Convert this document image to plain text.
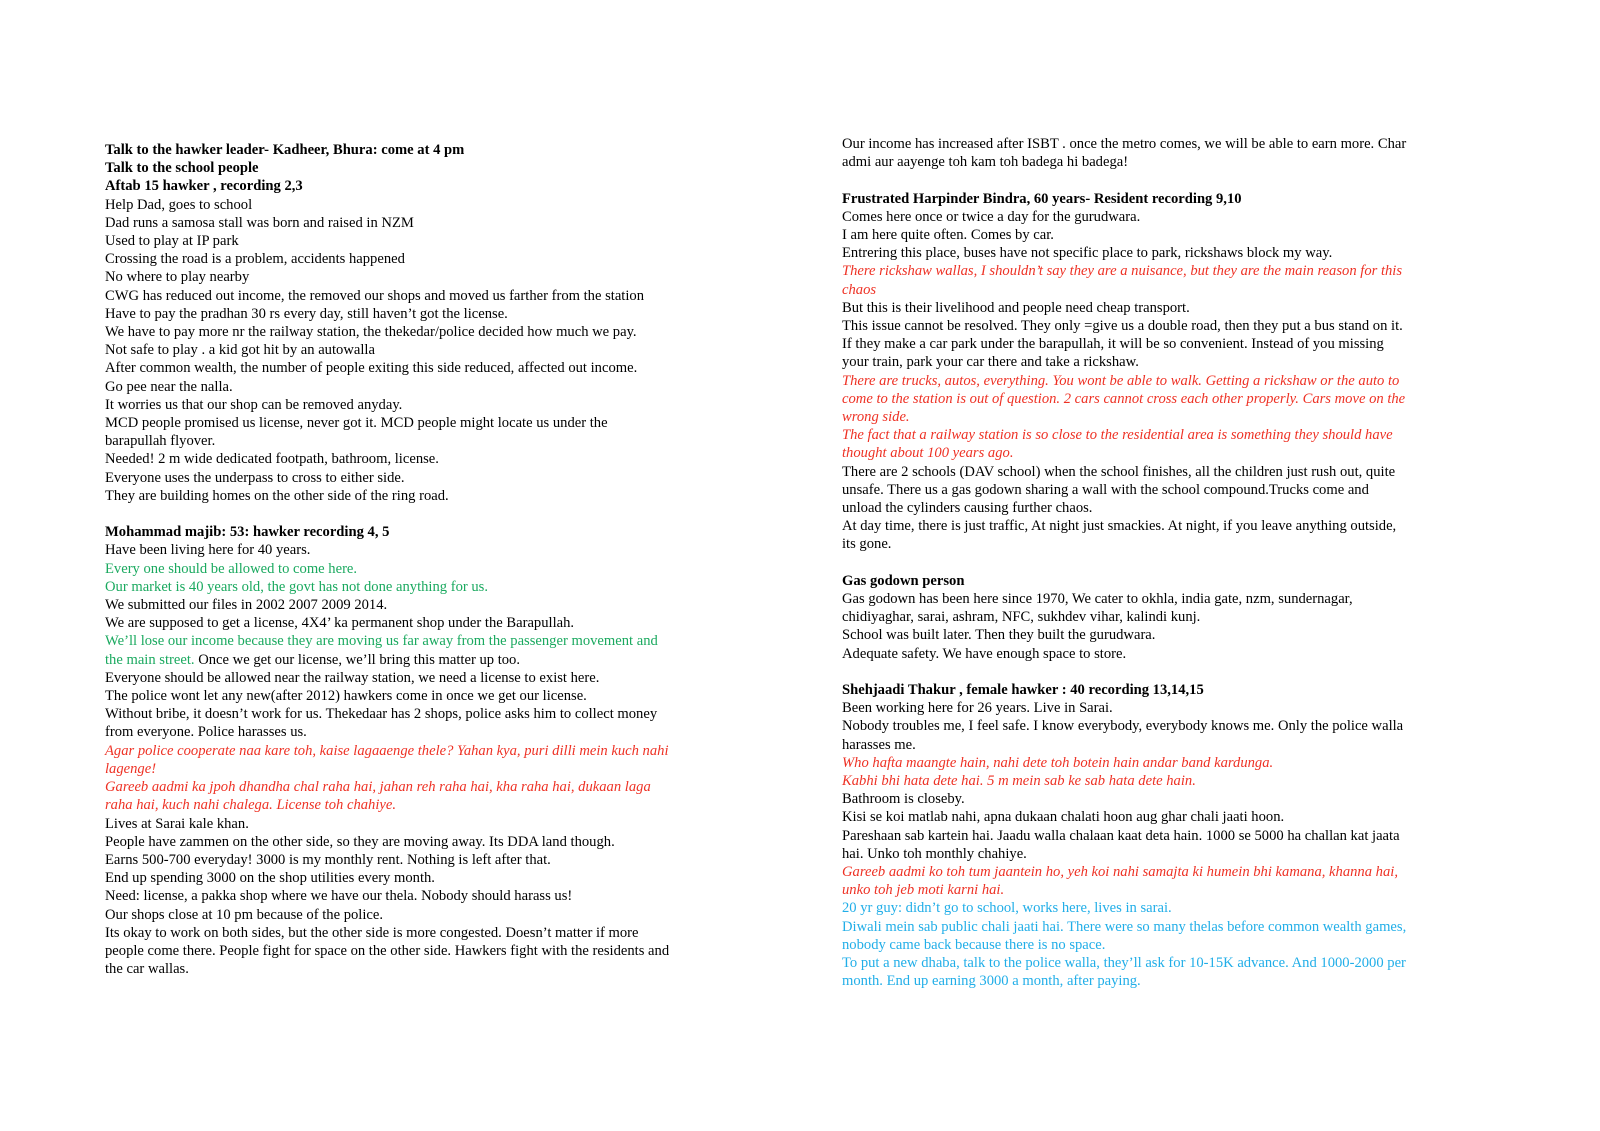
Talk to the hawker leader- Kadheer, Bhura: come at 4 pm
Talk to the school people
Aftab 15 hawker , recording 2,3
Help Dad, goes to school
Dad runs a samosa stall was born and raised in NZM
Used to play at IP park
Crossing the road is a problem, accidents happened
No where to play nearby
CWG has reduced out income, the removed our shops and moved us farther from the station
Have to pay the pradhan 30 rs every day, still haven’t got the license.
We have to pay more nr the railway station, the thekedar/police decided how much we pay.
Not safe to play . a kid got hit by an autowalla
After common wealth, the number of people exiting this side reduced, affected out income.
Go pee near the nalla.
It worries us that our shop can be removed anyday.
MCD people promised us license, never got it. MCD people might locate us under the
barapullah flyover.
Needed! 2 m wide dedicated footpath, bathroom, license.
Everyone uses the underpass to cross to either side.
They are building homes on the other side of the ring road.
Mohammad majib: 53: hawker recording 4, 5
Have been living here for 40 years.
Every one should be allowed to come here.
Our market is 40 years old, the govt has not done anything for us.
We submitted our files in 2002 2007 2009 2014.
We are supposed to get a license, 4X4’ ka permanent shop under the Barapullah.
We’ll lose our income because they are moving us far away from the passenger movement and
the main street. Once we get our license, we’ll bring this matter up too.
Everyone should be allowed near the railway station, we need a license to exist here.
The police wont let any new(after 2012) hawkers come in once we get our license.
Without bribe, it doesn’t work for us. Thekedaar has 2 shops, police asks him to collect money
from everyone. Police harasses us.
Agar police cooperate naa kare toh, kaise lagaaenge thele? Yahan kya, puri dilli mein kuch nahi
lagenge!
Gareeb aadmi ka jpoh dhandha chal raha hai, jahan reh raha hai, kha raha hai, dukaan laga
raha hai, kuch nahi chalega. License toh chahiye.
Lives at Sarai kale khan.
People have zammen on the other side, so they are moving away. Its DDA land though.
Earns 500-700 everyday! 3000 is my monthly rent. Nothing is left after that.
End up spending 3000 on the shop utilities every month.
Need: license, a pakka shop where we have our thela. Nobody should harass us!
Our shops close at 10 pm because of the police.
Its okay to work on both sides, but the other side is more congested. Doesn’t matter if more
people come there. People fight for space on the other side. Hawkers fight with the residents and
the car wallas.
Our income has increased after ISBT . once the metro comes, we will be able to earn more. Char
admi aur aayenge toh kam toh badega hi badega!
Frustrated Harpinder Bindra, 60 years- Resident recording 9,10
Comes here once or twice a day for the gurudwara.
I am here quite often. Comes by car.
Entrering this place, buses have not specific place to park, rickshaws block my way.
There rickshaw wallas, I shouldn’t say they are a nuisance, but they are the main reason for this
chaos
But this is their livelihood and people need cheap transport.
This issue cannot be resolved. They only =give us a double road, then they put a bus stand on it.
If they make a car park under the barapullah, it will be so convenient. Instead of you missing
your train, park your car there and take a rickshaw.
There are trucks, autos, everything. You wont be able to walk. Getting a rickshaw or the auto to
come to the station is out of question. 2 cars cannot cross each other properly. Cars move on the
wrong side.
The fact that a railway station is so close to the residential area is something they should have
thought about 100 years ago.
There are 2 schools (DAV school) when the school finishes, all the children just rush out, quite
unsafe. There us a gas godown sharing a wall with the school compound.Trucks come and
unload the cylinders causing further chaos.
At day time, there is just traffic, At night just smackies. At night, if you leave anything outside,
its gone.
Gas godown person
Gas godown has been here since 1970, We cater to okhla, india gate, nzm, sundernagar,
chidiyaghar, sarai, ashram, NFC, sukhdev vihar, kalindi kunj.
School was built later. Then they built the gurudwara.
Adequate safety. We have enough space to store.
Shehjaadi Thakur , female hawker : 40 recording 13,14,15
Been working here for 26 years. Live in Sarai.
Nobody troubles me, I feel safe. I know everybody, everybody knows me. Only the police walla
harasses me.
Who hafta maangte hain, nahi dete toh botein hain andar band kardunga.
Kabhi bhi hata dete hai. 5 m mein sab ke sab hata dete hain.
Bathroom is closeby.
Kisi se koi matlab nahi, apna dukaan chalati hoon aug ghar chali jaati hoon.
Pareshaan sab kartein hai. Jaadu walla chalaan kaat deta hain. 1000 se 5000 ha challan kat jaata
hai. Unko toh monthly chahiye.
Gareeb aadmi ko toh tum jaantein ho, yeh koi nahi samajta ki humein bhi kamana, khanna hai,
unko toh jeb moti karni hai.
20 yr guy: didn’t go to school, works here, lives in sarai.
Diwali mein sab public chali jaati hai. There were so many thelas before common wealth games,
nobody came back because there is no space.
To put a new dhaba, talk to the police walla, they’ll ask for 10-15K advance. And 1000-2000 per
month. End up earning 3000 a month, after paying.
